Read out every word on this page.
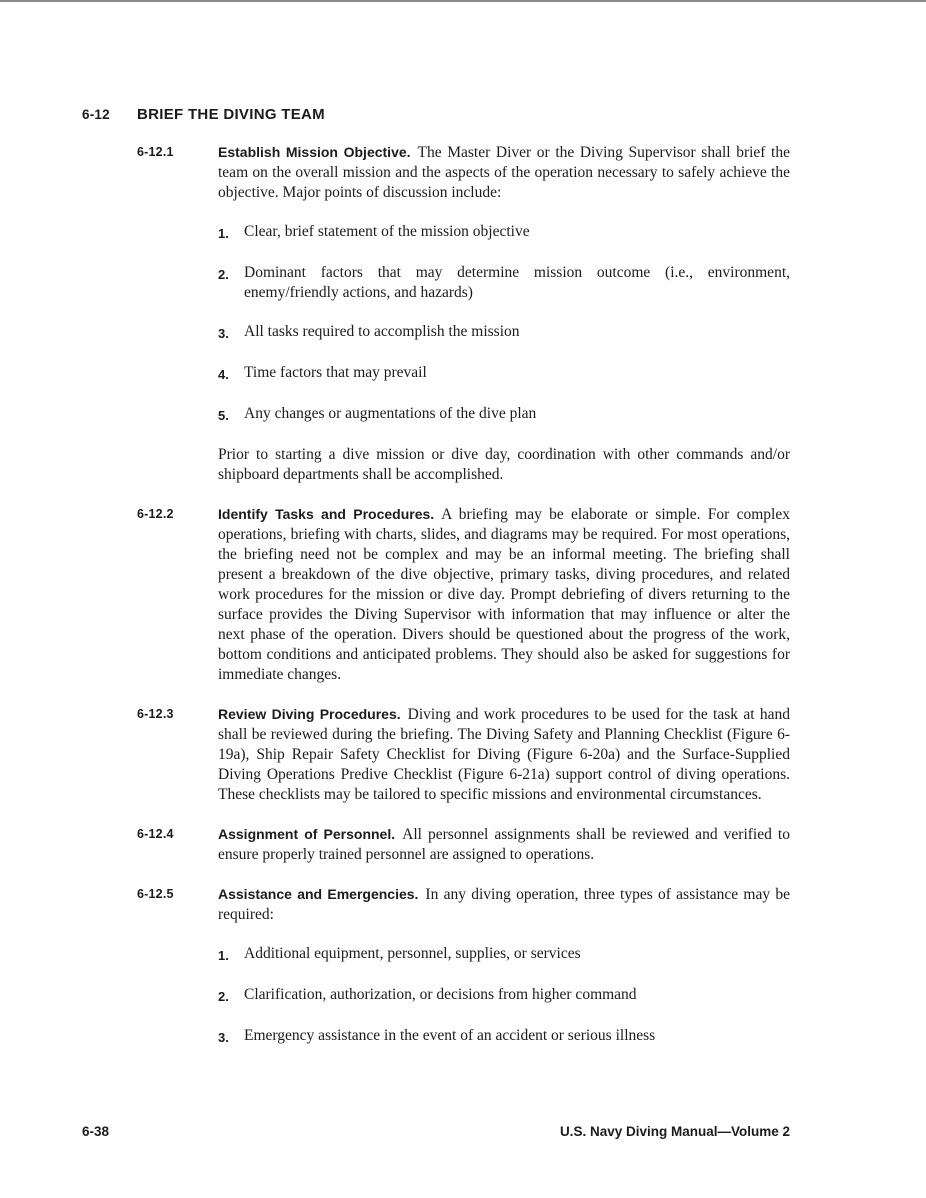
6-12	BRIEF THE DIVING TEAM
6-12.1	Establish Mission Objective. The Master Diver or the Diving Supervisor shall brief the team on the overall mission and the aspects of the operation necessary to safely achieve the objective. Major points of discussion include:

1. Clear, brief statement of the mission objective
2. Dominant factors that may determine mission outcome (i.e., environment, enemy/friendly actions, and hazards)
3. All tasks required to accomplish the mission
4. Time factors that may prevail
5. Any changes or augmentations of the dive plan

Prior to starting a dive mission or dive day, coordination with other commands and/or shipboard departments shall be accomplished.

6-12.2	Identify Tasks and Procedures. A briefing may be elaborate or simple. For complex operations, briefing with charts, slides, and diagrams may be required. For most operations, the briefing need not be complex and may be an informal meeting. The briefing shall present a breakdown of the dive objective, primary tasks, diving procedures, and related work procedures for the mission or dive day. Prompt debriefing of divers returning to the surface provides the Diving Supervisor with information that may influence or alter the next phase of the operation. Divers should be questioned about the progress of the work, bottom conditions and anticipated problems. They should also be asked for suggestions for immediate changes.

6-12.3	Review Diving Procedures. Diving and work procedures to be used for the task at hand shall be reviewed during the briefing. The Diving Safety and Planning Checklist (Figure 6-19a), Ship Repair Safety Checklist for Diving (Figure 6-20a) and the Surface-Supplied Diving Operations Predive Checklist (Figure 6-21a) support control of diving operations. These checklists may be tailored to specific missions and environmental circumstances.

6-12.4	Assignment of Personnel. All personnel assignments shall be reviewed and verified to ensure properly trained personnel are assigned to operations.

6-12.5	Assistance and Emergencies. In any diving operation, three types of assistance may be required:

1. Additional equipment, personnel, supplies, or services
2. Clarification, authorization, or decisions from higher command
3. Emergency assistance in the event of an accident or serious illness
6-38	U.S. Navy Diving Manual—Volume 2
